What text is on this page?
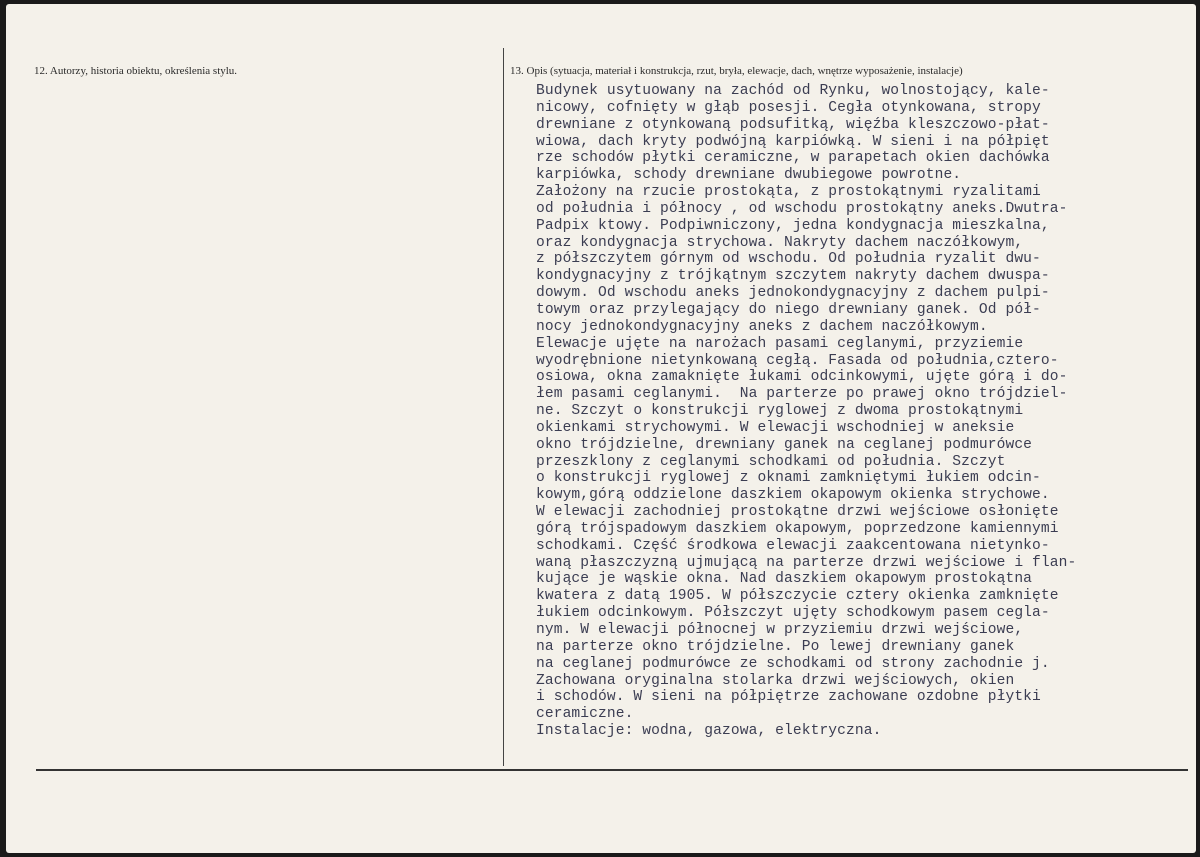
12. Autorzy, historia obiektu, określenia stylu.	13. Opis (sytuacja, materiał i konstrukcja, rzut, bryła, elewacje, dach, wnętrze wyposażenie, instalacje)
Budynek usytuowany na zachód od Rynku, wolnostojący, kale-
nicowy, cofnięty w głąb posesji. Cegła otynkowana, stropy
drewniane z otynkowaną podsufitką, więźba kleszczowo-płat-
wiowa, dach kryty podwójną karpiówką. W sieni i na półpięt
rze schodów płytki ceramiczne, w parapetach okien dachówka
karpiówka, schody drewniane dwubiegowe powrotne.
Założony na rzucie prostokąta, z prostokątnymi ryzalitami
od południa i północy , od wschodu prostokątny aneks.Dwutra-
Padpix ktowy. Podpiwniczony, jedna kondygnacja mieszkalna,
oraz kondygnacja strychowa. Nakryty dachem naczółkowym,
z półszczytem górnym od wschodu. Od południa ryzalit dwu-
kondygnacyjny z trójkątnym szczytem nakryty dachem dwuspa-
dowym. Od wschodu aneks jednokondygnacyjny z dachem pulpi-
towym oraz przylegający do niego drewniany ganek. Od pół-
nocy jednokondygnacyjny aneks z dachem naczółkowym.
Elewacje ujęte na narożach pasami ceglanymi, przyziemie
wyodrębnione nietynkowaną cegłą. Fasada od południa,cztero-
osiowa, okna zamaknięte łukami odcinkowymi, ujęte górą i do-
łem pasami ceglanymi.  Na parterze po prawej okno trójdziel-
ne. Szczyt o konstrukcji ryglowej z dwoma prostokątnymi
okienkami strychowymi. W elewacji wschodniej w aneksie
okno trójdzielne, drewniany ganek na ceglanej podmurówce
przeszklony z ceglanymi schodkami od południa. Szczyt
o konstrukcji ryglowej z oknami zamkniętymi łukiem odcin-
kowym,górą oddzielone daszkiem okapowym okienka strychowe.
W elewacji zachodniej prostokątne drzwi wejściowe osłonięte
górą trójspadowym daszkiem okapowym, poprzedzone kamiennymi
schodkami. Część środkowa elewacji zaakcentowana nietynko-
waną płaszczyzną ujmującą na parterze drzwi wejściowe i flan-
kujące je wąskie okna. Nad daszkiem okapowym prostokątna
kwatera z datą 1905. W półszczycie cztery okienka zamknięte
łukiem odcinkowym. Półszczyt ujęty schodkowym pasem cegla-
nym. W elewacji północnej w przyziemiu drzwi wejściowe,
na parterze okno trójdzielne. Po lewej drewniany ganek
na ceglanej podmurówce ze schodkami od strony zachodnie j.
Zachowana oryginalna stolarka drzwi wejściowych, okien
i schodów. W sieni na półpiętrze zachowane ozdobne płytki
ceramiczne.
Instalacje: wodna, gazowa, elektryczna.
